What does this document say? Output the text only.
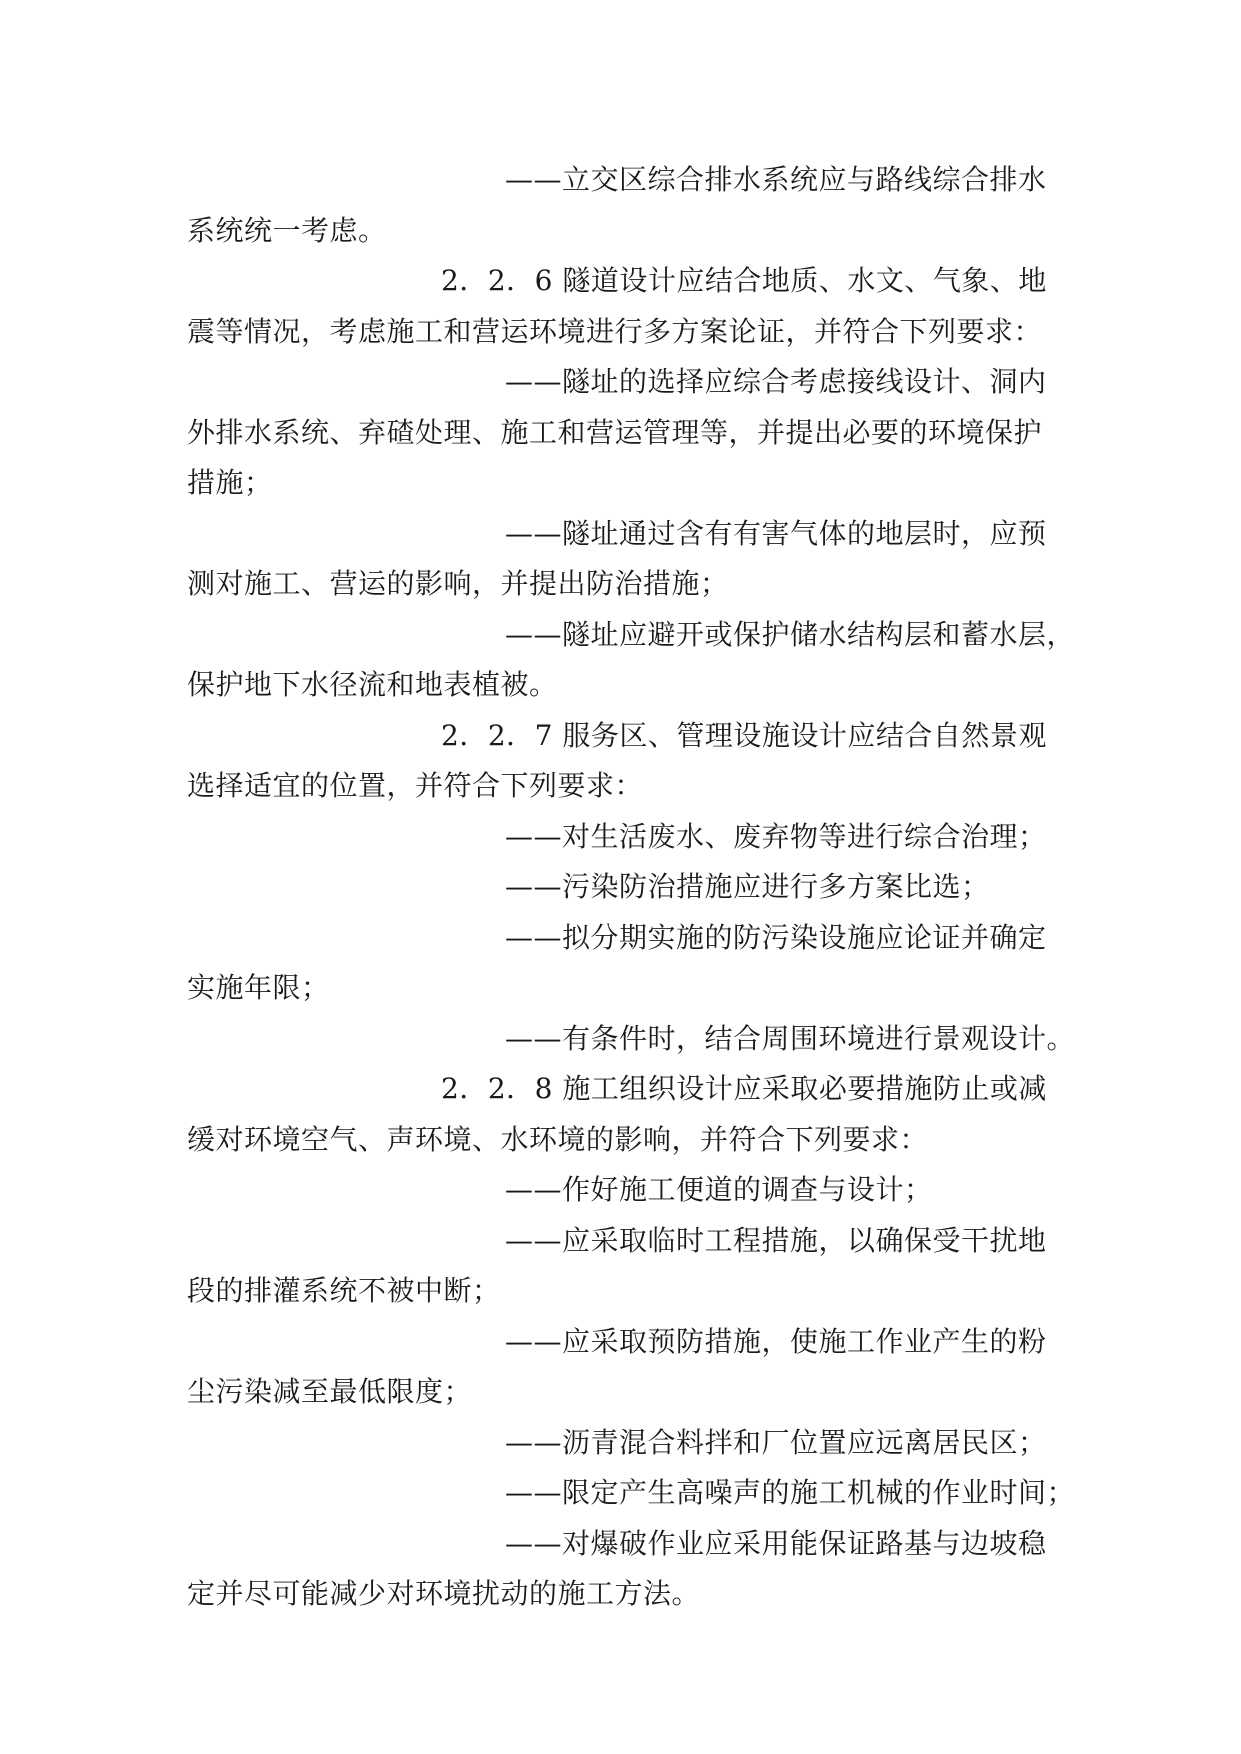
——立交区综合排水系统应与路线综合排水
系统统一考虑。
2．2．6 隧道设计应结合地质、水文、气象、地
震等情况，考虑施工和营运环境进行多方案论证，并符合下列要求：
——隧址的选择应综合考虑接线设计、洞内
外排水系统、弃碴处理、施工和营运管理等，并提出必要的环境保护
措施；
——隧址通过含有有害气体的地层时，应预
测对施工、营运的影响，并提出防治措施；
——隧址应避开或保护储水结构层和蓄水层，
保护地下水径流和地表植被。
2．2．7 服务区、管理设施设计应结合自然景观
选择适宜的位置，并符合下列要求：
——对生活废水、废弃物等进行综合治理；
——污染防治措施应进行多方案比选；
——拟分期实施的防污染设施应论证并确定
实施年限；
——有条件时，结合周围环境进行景观设计。
2．2．8 施工组织设计应采取必要措施防止或减
缓对环境空气、声环境、水环境的影响，并符合下列要求：
——作好施工便道的调查与设计；
——应采取临时工程措施，以确保受干扰地
段的排灌系统不被中断；
——应采取预防措施，使施工作业产生的粉
尘污染减至最低限度；
——沥青混合料拌和厂位置应远离居民区；
——限定产生高噪声的施工机械的作业时间；
——对爆破作业应采用能保证路基与边坡稳
定并尽可能减少对环境扰动的施工方法。
